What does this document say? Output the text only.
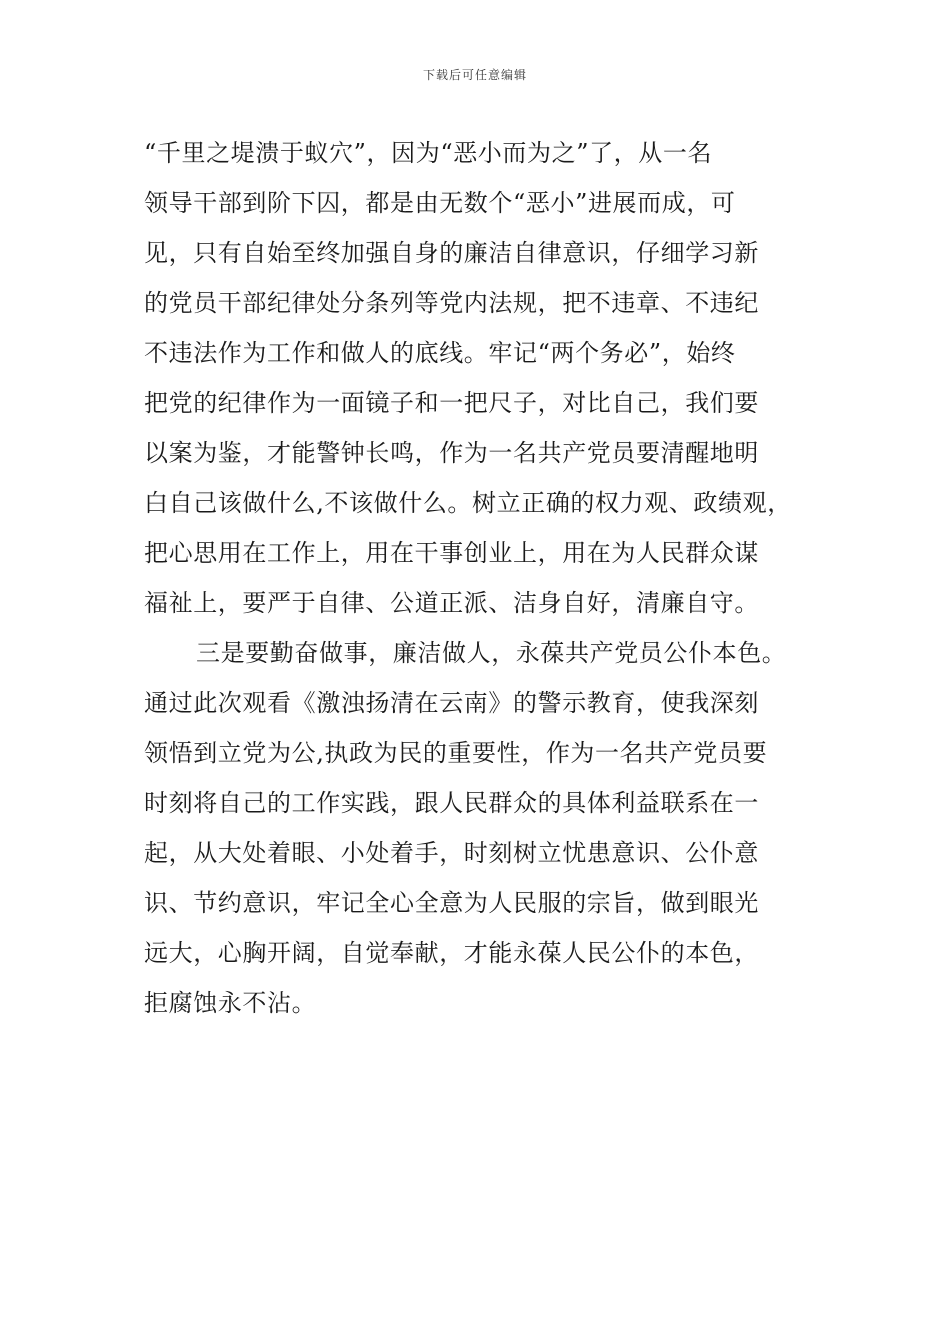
下载后可任意编辑
“千里之堤溃于蚁穴”，因为“恶小而为之”了，从一名
领导干部到阶下囚，都是由无数个“恶小”进展而成，可
见，只有自始至终加强自身的廉洁自律意识，仔细学习新
的党员干部纪律处分条列等党内法规，把不违章、不违纪
不违法作为工作和做人的底线。牢记“两个务必”，始终
把党的纪律作为一面镜子和一把尺子，对比自己，我们要
以案为鉴，才能警钟长鸣，作为一名共产党员要清醒地明
白自己该做什么,不该做什么。树立正确的权力观、政绩观，
把心思用在工作上，用在干事创业上，用在为人民群众谋
福祉上，要严于自律、公道正派、洁身自好，清廉自守。
三是要勤奋做事，廉洁做人，永葆共产党员公仆本色。
通过此次观看《激浊扬清在云南》的警示教育，使我深刻
领悟到立党为公,执政为民的重要性，作为一名共产党员要
时刻将自己的工作实践，跟人民群众的具体利益联系在一
起，从大处着眼、小处着手，时刻树立忧患意识、公仆意
识、节约意识，牢记全心全意为人民服的宗旨，做到眼光
远大，心胸开阔，自觉奉献，才能永葆人民公仆的本色，
拒腐蚀永不沾。
